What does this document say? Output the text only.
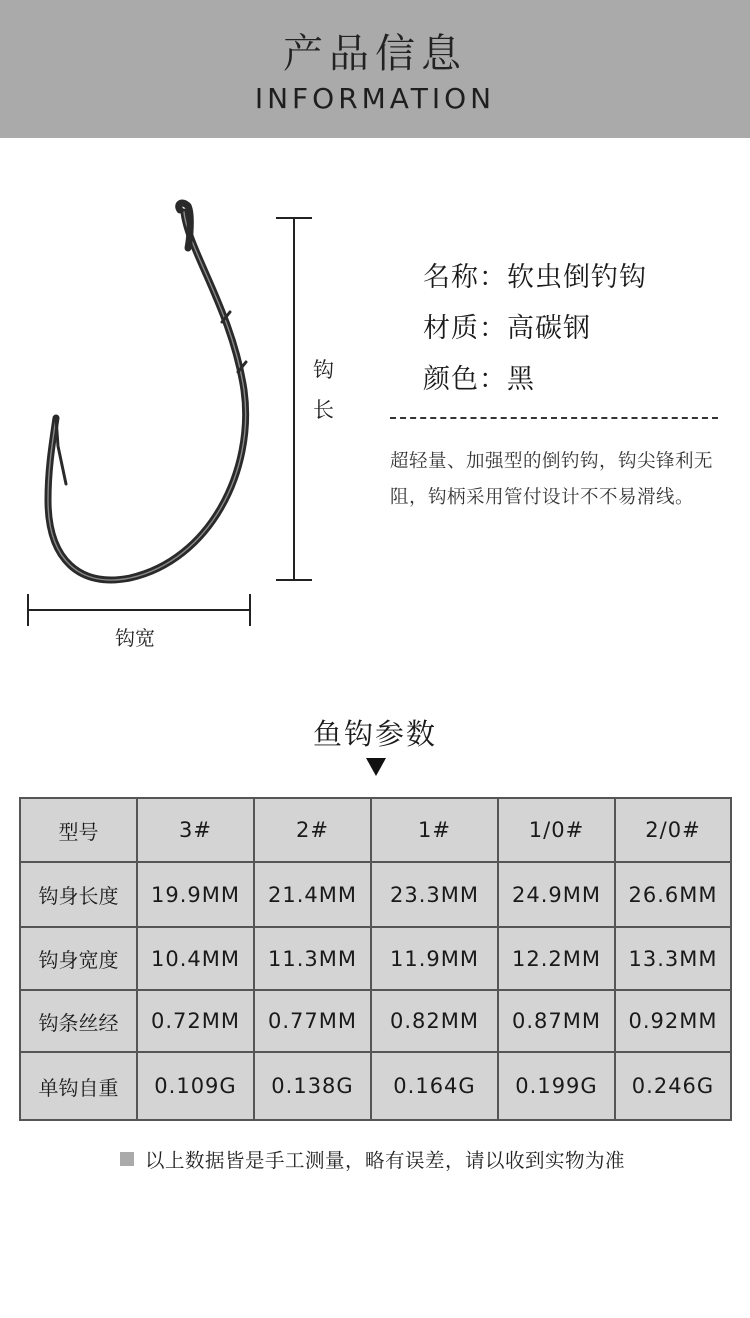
产品信息
INFORMATION
钩长
钩宽
名称：软虫倒钓钩
材质：高碳钢
颜色：黑
超轻量、加强型的倒钓钩，钩尖锋利无阻，钩柄采用管付设计不不易滑线。
鱼钩参数
型号	3#	2#	1#	1/0#	2/0#
钩身长度	19.9MM	21.4MM	23.3MM	24.9MM	26.6MM
钩身宽度	10.4MM	11.3MM	11.9MM	12.2MM	13.3MM
钩条丝经	0.72MM	0.77MM	0.82MM	0.87MM	0.92MM
单钩自重	0.109G	0.138G	0.164G	0.199G	0.246G
以上数据皆是手工测量，略有误差，请以收到实物为准
